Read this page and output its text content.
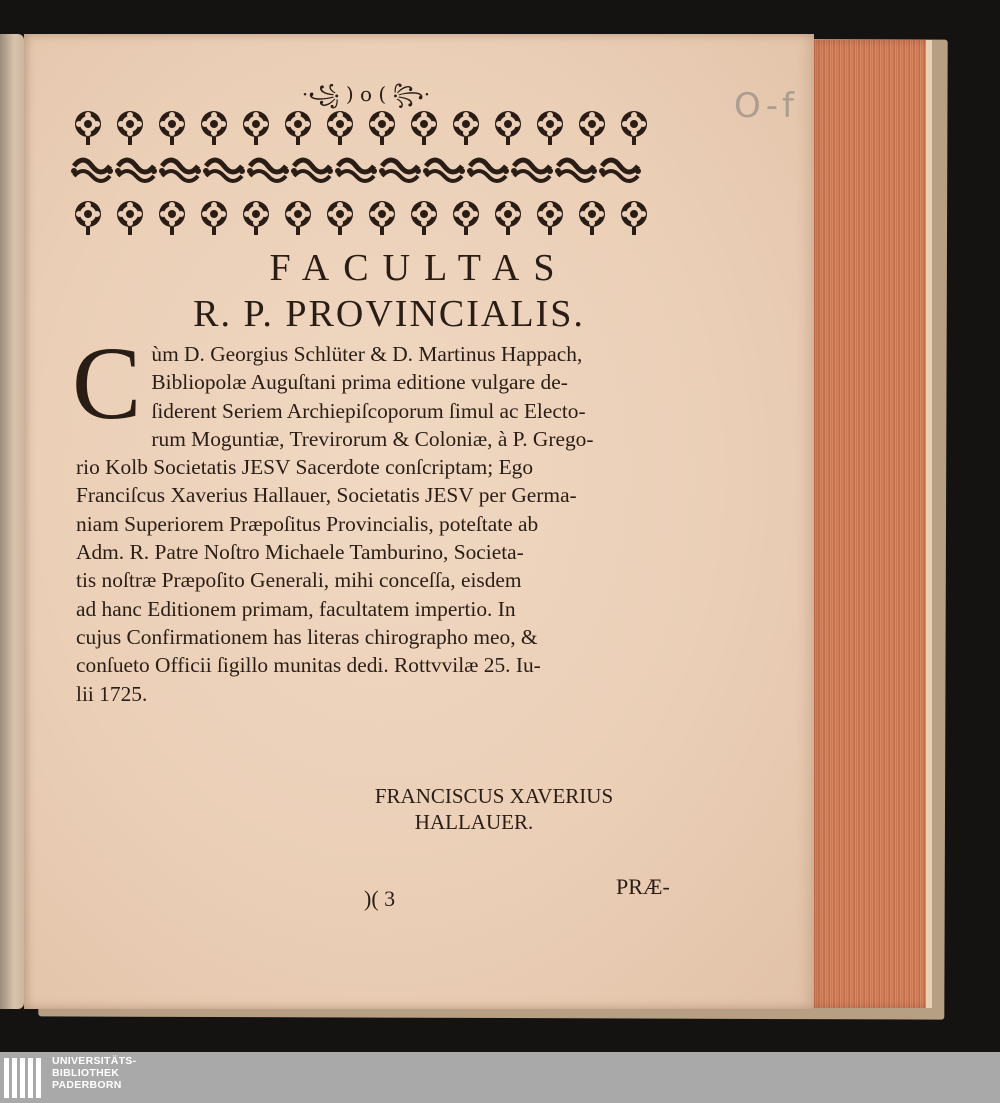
O-f
·꧁ ) o ( ꧂·
FACULTAS
R. P. PROVINCIALIS.
C ùm D. Georgius Schlüter & D. Martinus Happach,
Bibliopolæ Auguſtani prima editione vulgare de-
ſiderent Seriem Archiepiſcoporum ſimul ac Electo-
rum Moguntiæ, Trevirorum & Coloniæ, à P. Grego-
rio Kolb Societatis JESV Sacerdote conſcriptam; Ego
Franciſcus Xaverius Hallauer, Societatis JESV per Germa-
niam Superiorem Præpoſitus Provincialis, poteſtate ab
Adm. R. Patre Noſtro Michaele Tamburino, Societa-
tis noſtræ Præpoſito Generali, mihi conceſſa, eisdem
ad hanc Editionem primam, facultatem impertio. In
cujus Confirmationem has literas chirographo meo, &
conſueto Officii ſigillo munitas dedi. Rottvvilæ 25. Iu-
lii 1725.
FRANCISCUS XAVERIUS
HALLAUER.
)( 3	PRÆ-
UNIVERSITÄTS-
BIBLIOTHEK
PADERBORN
